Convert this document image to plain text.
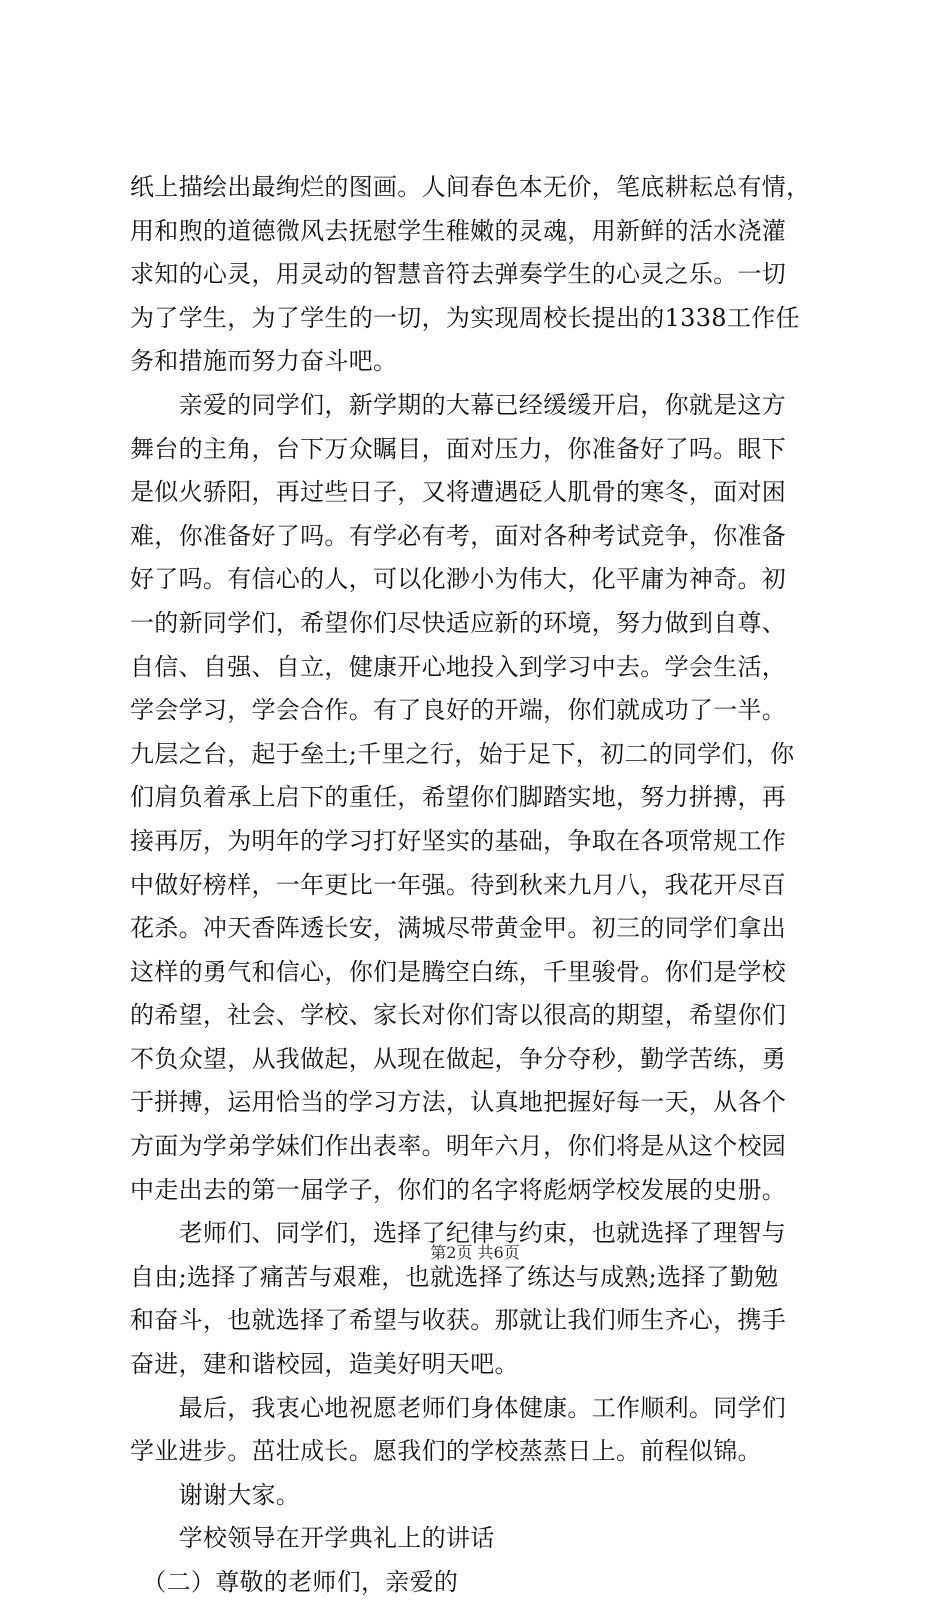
纸上描绘出最绚烂的图画。人间春色本无价，笔底耕耘总有情，
用和煦的道德微风去抚慰学生稚嫩的灵魂，用新鲜的活水浇灌
求知的心灵，用灵动的智慧音符去弹奏学生的心灵之乐。一切
为了学生，为了学生的一切，为实现周校长提出的1338工作任
务和措施而努力奋斗吧。
　　亲爱的同学们，新学期的大幕已经缓缓开启，你就是这方
舞台的主角，台下万众瞩目，面对压力，你准备好了吗。眼下
是似火骄阳，再过些日子，又将遭遇砭人肌骨的寒冬，面对困
难，你准备好了吗。有学必有考，面对各种考试竞争，你准备
好了吗。有信心的人，可以化渺小为伟大，化平庸为神奇。初
一的新同学们，希望你们尽快适应新的环境，努力做到自尊、
自信、自强、自立，健康开心地投入到学习中去。学会生活，
学会学习，学会合作。有了良好的开端，你们就成功了一半。
九层之台，起于垒土;千里之行，始于足下，初二的同学们，你
们肩负着承上启下的重任，希望你们脚踏实地，努力拼搏，再
接再厉，为明年的学习打好坚实的基础，争取在各项常规工作
中做好榜样，一年更比一年强。待到秋来九月八，我花开尽百
花杀。冲天香阵透长安，满城尽带黄金甲。初三的同学们拿出
这样的勇气和信心，你们是腾空白练，千里骏骨。你们是学校
的希望，社会、学校、家长对你们寄以很高的期望，希望你们
不负众望，从我做起，从现在做起，争分夺秒，勤学苦练，勇
于拼搏，运用恰当的学习方法，认真地把握好每一天，从各个
方面为学弟学妹们作出表率。明年六月，你们将是从这个校园
中走出去的第一届学子，你们的名字将彪炳学校发展的史册。
　　老师们、同学们，选择了纪律与约束，也就选择了理智与
自由;选择了痛苦与艰难，也就选择了练达与成熟;选择了勤勉
和奋斗，也就选择了希望与收获。那就让我们师生齐心，携手
奋进，建和谐校园，造美好明天吧。
　　最后，我衷心地祝愿老师们身体健康。工作顺利。同学们
学业进步。茁壮成长。愿我们的学校蒸蒸日上。前程似锦。
　　谢谢大家。
　　学校领导在开学典礼上的讲话
　（二）尊敬的老师们，亲爱的
第2页 共6页
